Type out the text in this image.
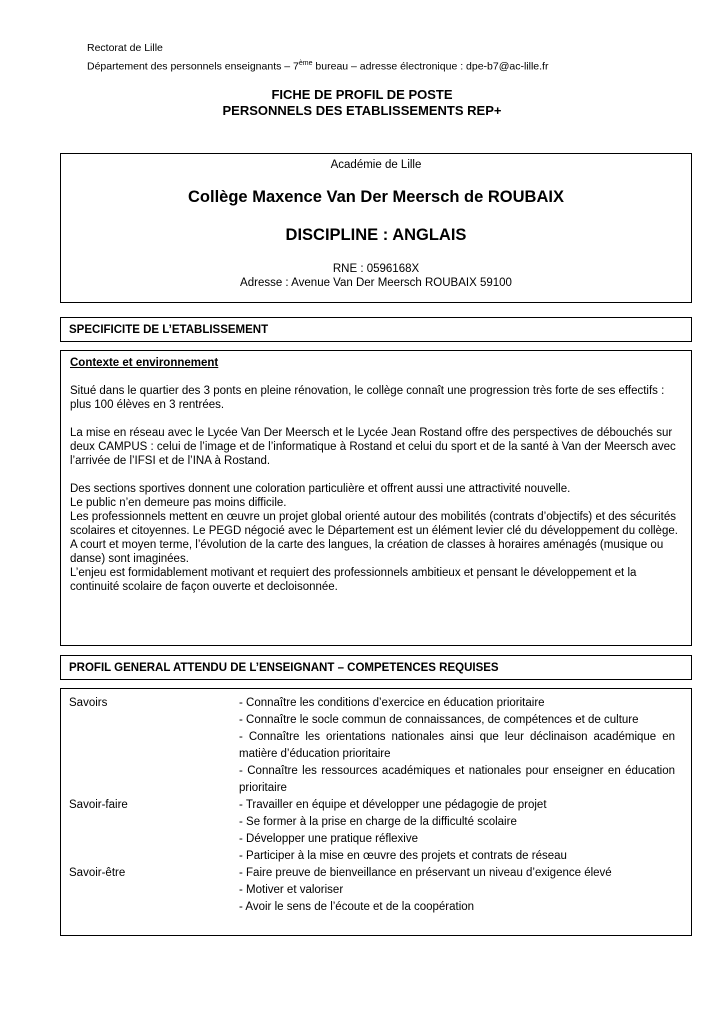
Rectorat de Lille
Département des personnels enseignants – 7ème bureau – adresse électronique : dpe-b7@ac-lille.fr
FICHE DE PROFIL DE POSTE
PERSONNELS DES ETABLISSEMENTS REP+
Académie de Lille
Collège Maxence Van Der Meersch de ROUBAIX
DISCIPLINE : ANGLAIS
RNE : 0596168X
Adresse : Avenue Van Der Meersch ROUBAIX 59100
SPECIFICITE DE L’ETABLISSEMENT

Contexte et environnement

Situé dans le quartier des 3 ponts en pleine rénovation, le collège connaît une progression très forte de ses effectifs : plus 100 élèves en 3 rentrées.

La mise en réseau avec le Lycée Van Der Meersch et le Lycée Jean Rostand offre des perspectives de débouchés sur deux CAMPUS : celui de l’image et de l’informatique à Rostand et celui du sport et de la santé à Van der Meersch avec l’arrivée de l’IFSI et de l’INA à Rostand.

Des sections sportives donnent une coloration particulière et offrent aussi une attractivité nouvelle.

Le public n’en demeure pas moins difficile.

Les professionnels mettent en œuvre un projet global orienté autour des mobilités (contrats d’objectifs) et des sécurités scolaires et citoyennes. Le PEGD négocié avec le Département est un élément levier clé du développement du collège.

A court et moyen terme, l’évolution de la carte des langues, la création de classes à horaires aménagés (musique ou danse) sont imaginées.

L’enjeu est formidablement motivant et requiert des professionnels ambitieux et pensant le développement et la continuité scolaire de façon ouverte et decloisonnée.

PROFIL GENERAL ATTENDU DE L’ENSEIGNANT – COMPETENCES REQUISES
Savoirs	- Connaître les conditions d’exercice en éducation prioritaire
- Connaître le socle commun de connaissances, de compétences et de culture
- Connaître les orientations nationales ainsi que leur déclinaison académique en matière d’éducation prioritaire
- Connaître les ressources académiques et nationales pour enseigner en éducation prioritaire
Savoir-faire	- Travailler en équipe et développer une pédagogie de projet
- Se former à la prise en charge de la difficulté scolaire
- Développer une pratique réflexive
- Participer à la mise en œuvre des projets et contrats de réseau
Savoir-être	- Faire preuve de bienveillance en préservant un niveau d’exigence élevé
- Motiver et valoriser
- Avoir le sens de l’écoute et de la coopération
